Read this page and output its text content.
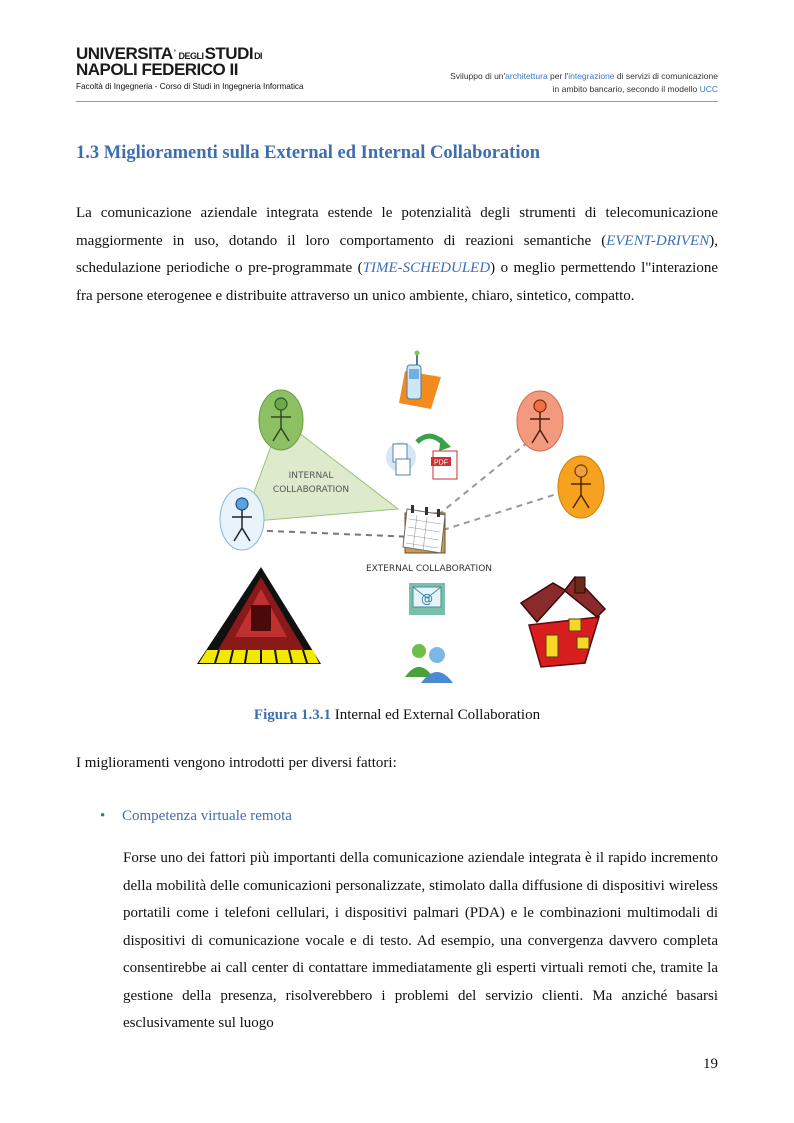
UNIVERSITA ʾ DEGLI STUDI DI
NAPOLI FEDERICO II
Facoltà di Ingegneria - Corso di Studi in Ingegneria Informatica
Sviluppo di un'architettura per l'integrazione di servizi di comunicazione
in ambito bancario, secondo il modello UCC
1.3 Miglioramenti sulla External ed Internal Collaboration

La comunicazione aziendale integrata estende le potenzialità degli strumenti di telecomunicazione maggiormente in uso, dotando il loro comportamento di reazioni semantiche (EVENT-DRIVEN), schedulazione periodiche o pre-programmate (TIME-SCHEDULED) o meglio permettendo l"interazione fra persone eterogenee e distribuite attraverso un unico ambiente, chiaro, sintetico, compatto.

PDF
INTERNAL
COLLABORATION
EXTERNAL COLLABORATION
@
Figura 1.3.1 Internal ed External Collaboration

I miglioramenti vengono introdotti per diversi fattori:

• Competenza virtuale remota

Forse uno dei fattori più importanti della comunicazione aziendale integrata è il rapido incremento della mobilità delle comunicazioni personalizzate, stimolato dalla diffusione di dispositivi wireless portatili come i telefoni cellulari, i dispositivi palmari (PDA) e le combinazioni multimodali di dispositivi di comunicazione vocale e di testo. Ad esempio, una convergenza davvero completa consentirebbe ai call center di contattare immediatamente gli esperti virtuali remoti che, tramite la gestione della presenza, risolverebbero i problemi del servizio clienti. Ma anziché basarsi esclusivamente sul luogo

19
